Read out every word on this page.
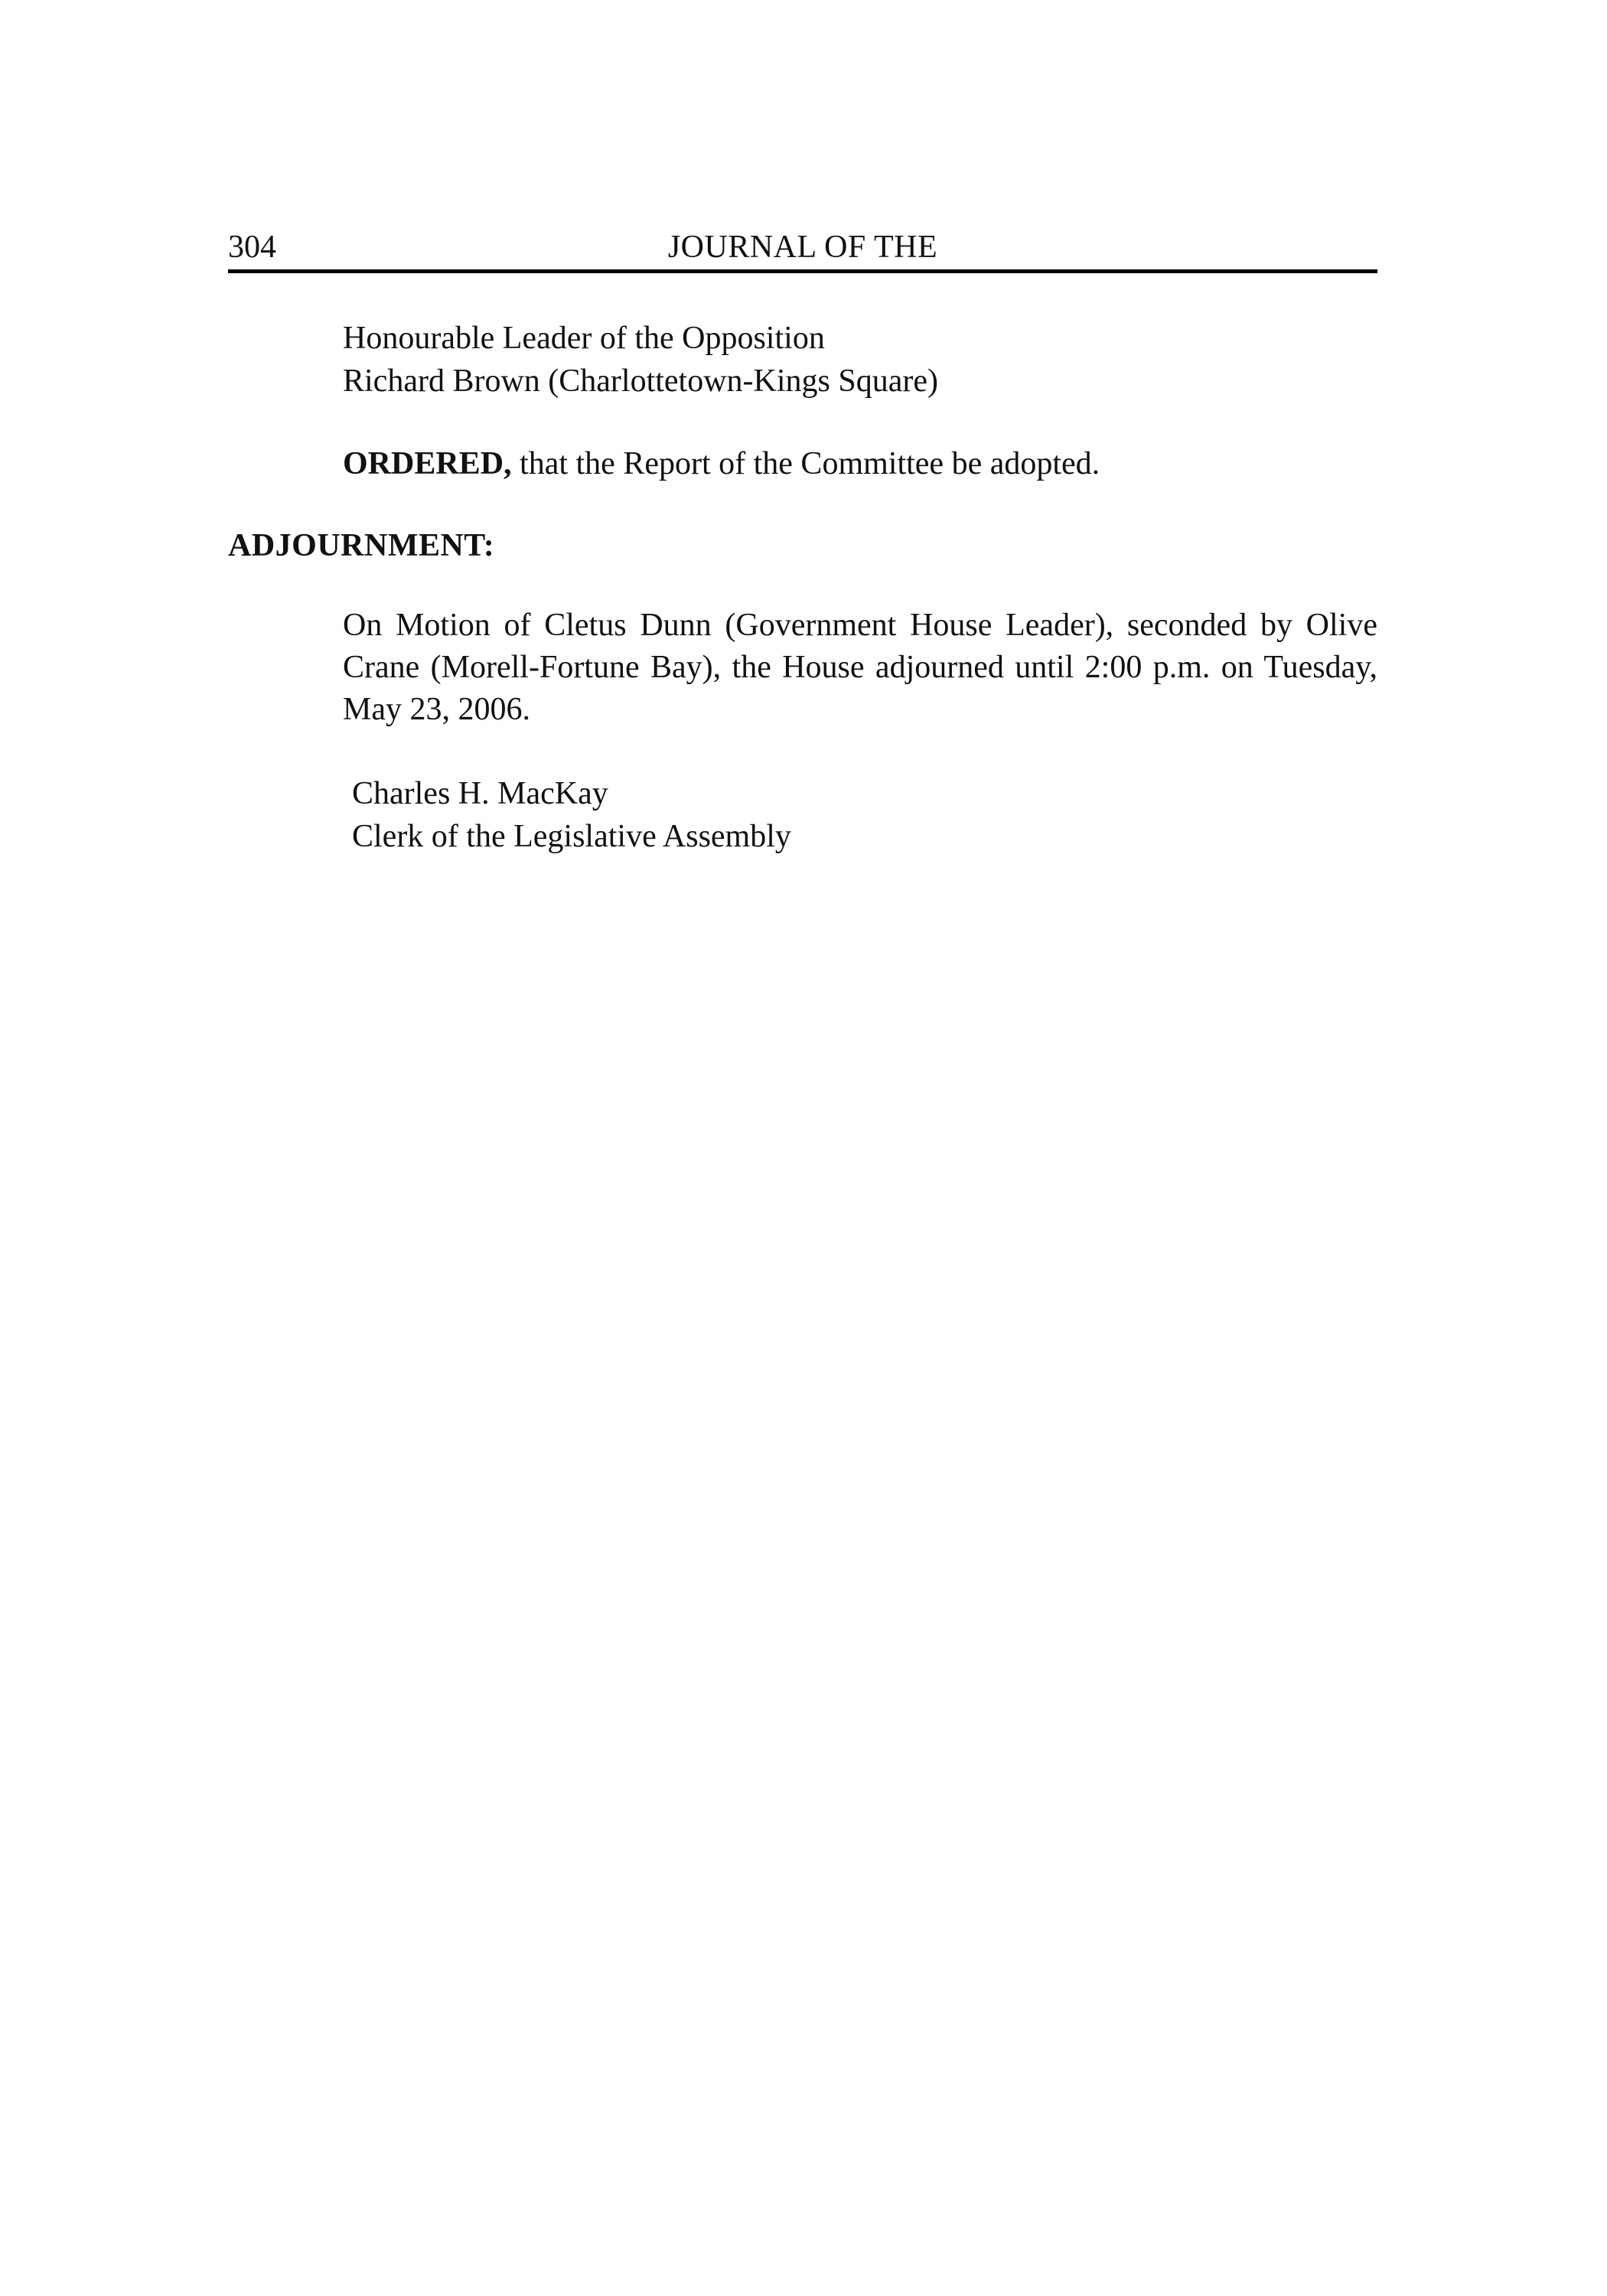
304	JOURNAL OF THE
Honourable Leader of the Opposition
Richard Brown (Charlottetown-Kings Square)
ORDERED, that the Report of the Committee be adopted.
ADJOURNMENT:

On Motion of Cletus Dunn (Government House Leader), seconded by Olive Crane (Morell-Fortune Bay), the House adjourned until 2:00 p.m. on Tuesday, May 23, 2006.

Charles H. MacKay
Clerk of the Legislative Assembly
